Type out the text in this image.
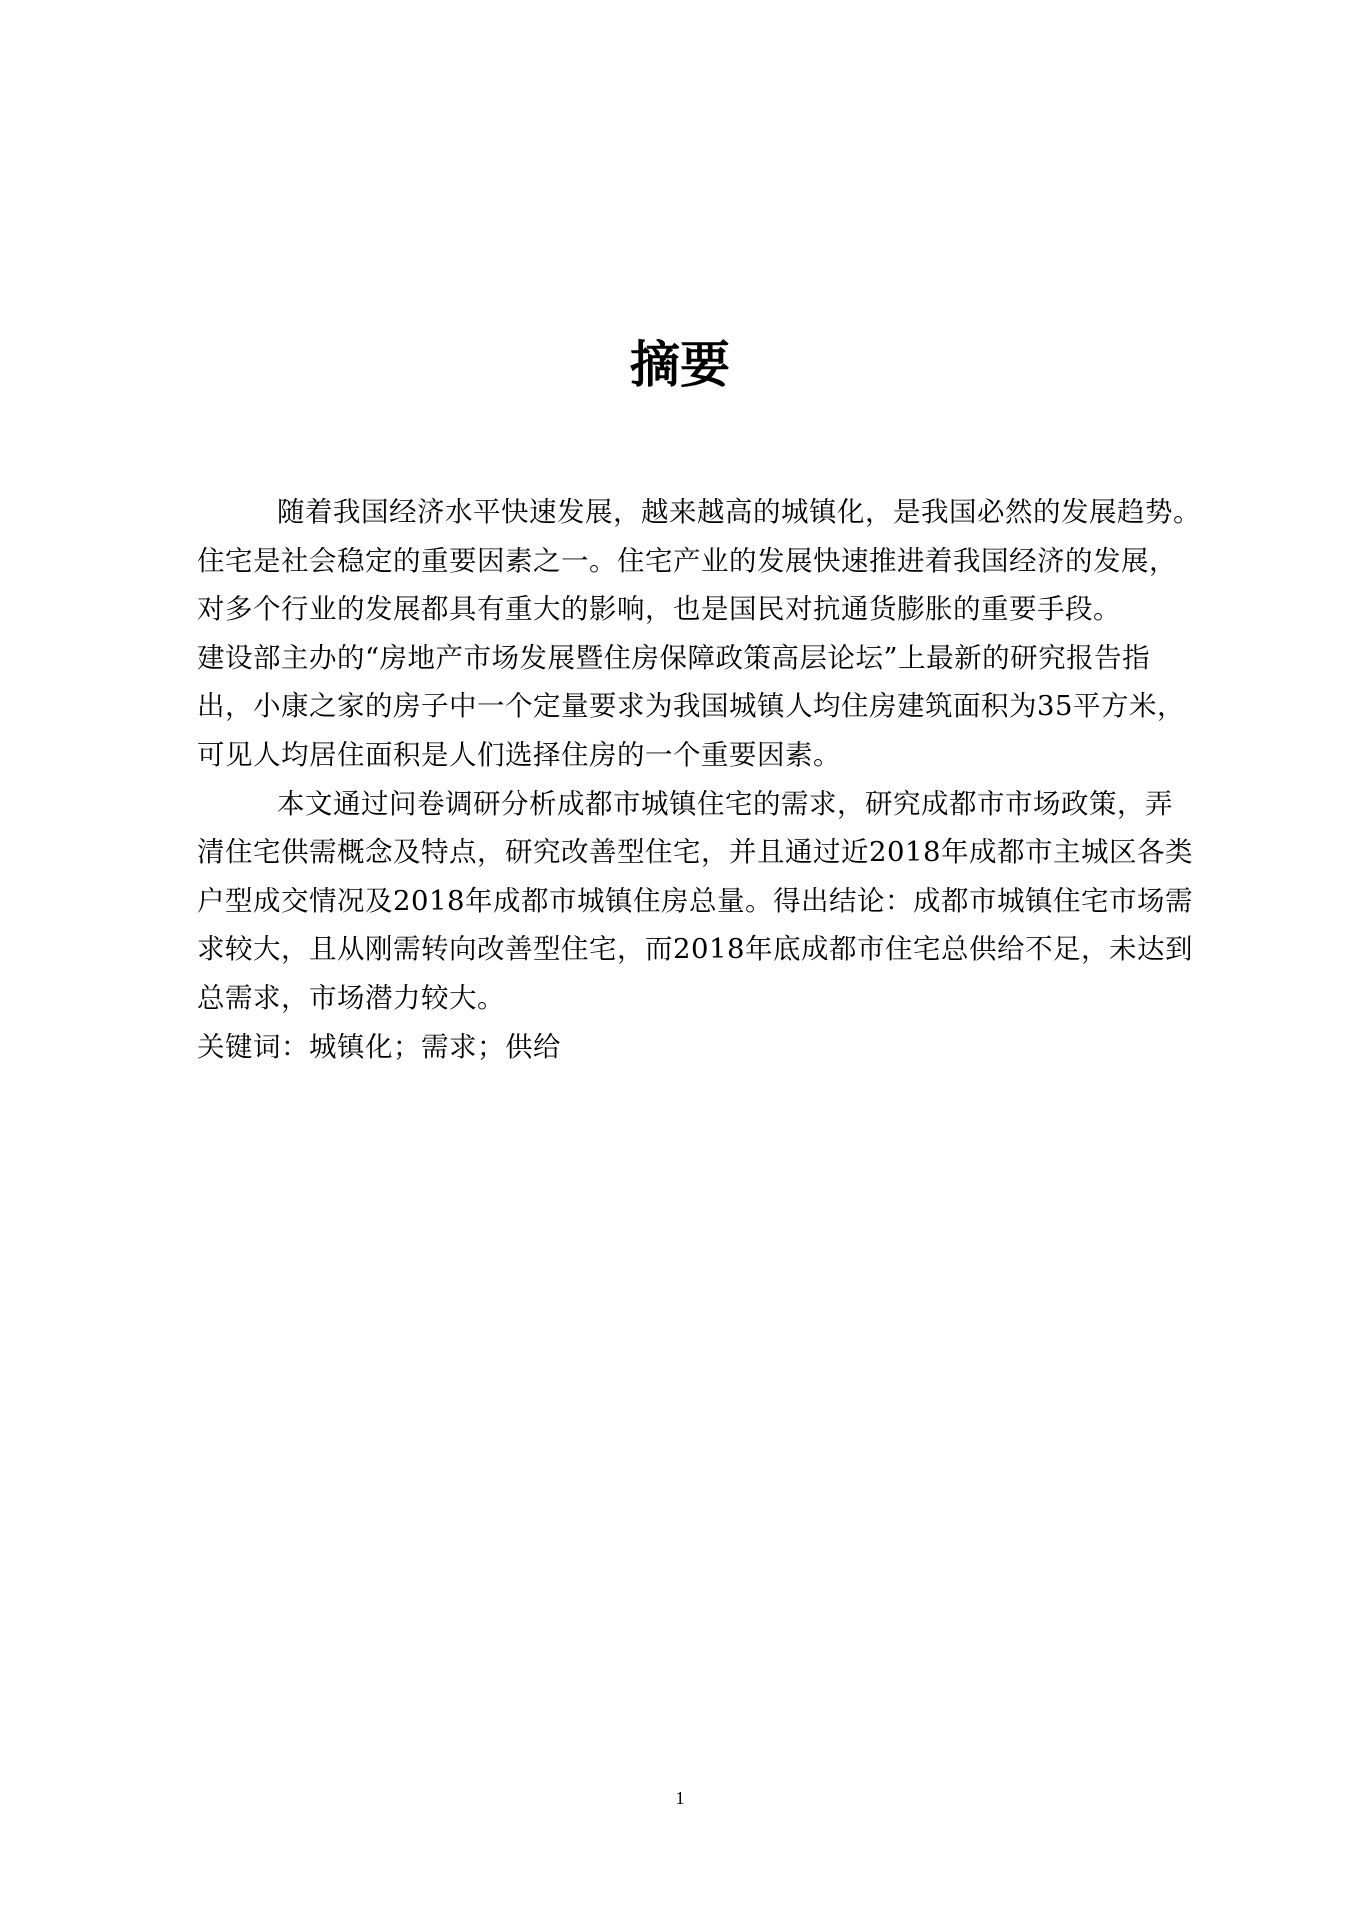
摘要
随着我国经济水平快速发展，越来越高的城镇化，是我国必然的发展趋势。
住宅是社会稳定的重要因素之一。住宅产业的发展快速推进着我国经济的发展，
对多个行业的发展都具有重大的影响，也是国民对抗通货膨胀的重要手段。
建设部主办的“房地产市场发展暨住房保障政策高层论坛”上最新的研究报告指
出，小康之家的房子中一个定量要求为我国城镇人均住房建筑面积为35平方米，
可见人均居住面积是人们选择住房的一个重要因素。
本文通过问卷调研分析成都市城镇住宅的需求，研究成都市市场政策，弄
清住宅供需概念及特点，研究改善型住宅，并且通过近2018年成都市主城区各类
户型成交情况及2018年成都市城镇住房总量。得出结论：成都市城镇住宅市场需
求较大，且从刚需转向改善型住宅，而2018年底成都市住宅总供给不足，未达到
总需求，市场潜力较大。
关键词：城镇化；需求；供给
1
